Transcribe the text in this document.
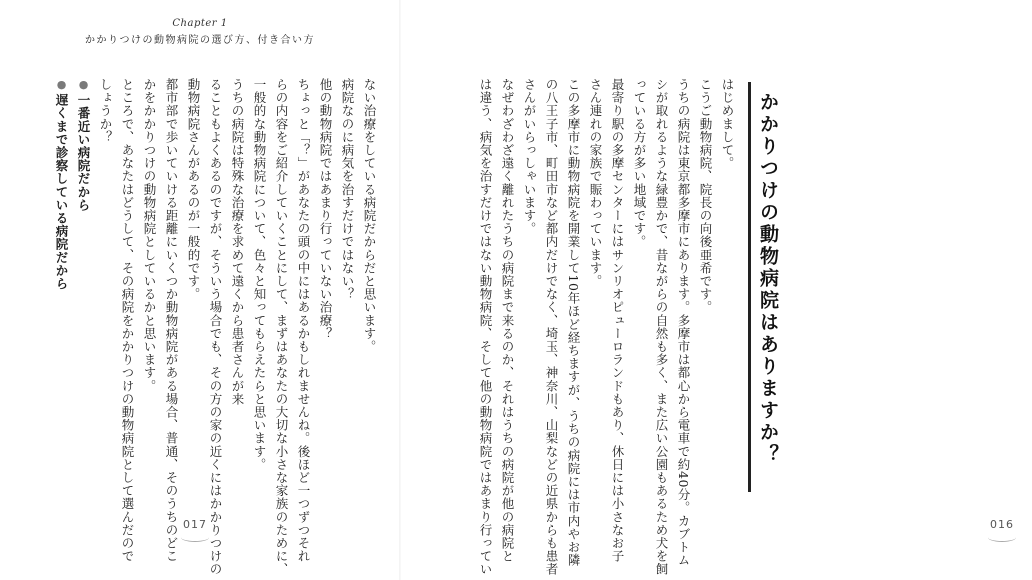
Chapter 1
かかりつけの動物病院の選び方、付き合い方
ない治療をしている病院だからだと思います。
病院なのに病気を治すだけではない？
他の動物病院ではあまり行っていない治療？
ちょっと「？」があなたの頭の中にはあるかもしれませんね。後ほど一つずつそれ
らの内容をご紹介していくことにして、まずはあなたの大切な小さな家族のために、
一般的な動物病院について、色々と知ってもらえたらと思います。
うちの病院は特殊な治療を求めて遠くから患者さんが来
ることもよくあるのですが、そういう場合でも、その方の家の近くにはかかりつけの
動物病院さんがあるのが一般的です。
都市部で歩いていける距離にいくつか動物病院がある場合、普通、そのうちのどこ
かをかかりつけの動物病院としているかと思います。
ところで、あなたはどうして、その病院をかかりつけの動物病院として選んだので
しょうか？
●一番近い病院だから
●遅くまで診察している病院だから
017
かかりつけの動物病院はありますか？
はじめまして。
こうご動物病院、院長の向後亜希です。
うちの病院は東京都多摩市にあります。多摩市は都心から電車で約40分。カブトム
シが取れるような緑豊かで、昔ながらの自然も多く、また広い公園もあるため犬を飼
っている方が多い地域です。
最寄り駅の多摩センターにはサンリオピューロランドもあり、休日には小さなお子
さん連れの家族で賑わっています。
この多摩市に動物病院を開業して10年ほど経ちますが、うちの病院には市内やお隣
の八王子市、町田市など都内だけでなく、埼玉、神奈川、山梨などの近県からも患者
さんがいらっしゃいます。
なぜわざわざ遠く離れたうちの病院まで来るのか、それはうちの病院が他の病院と
は違う、病気を治すだけではない動物病院、そして他の動物病院ではあまり行ってい	016
